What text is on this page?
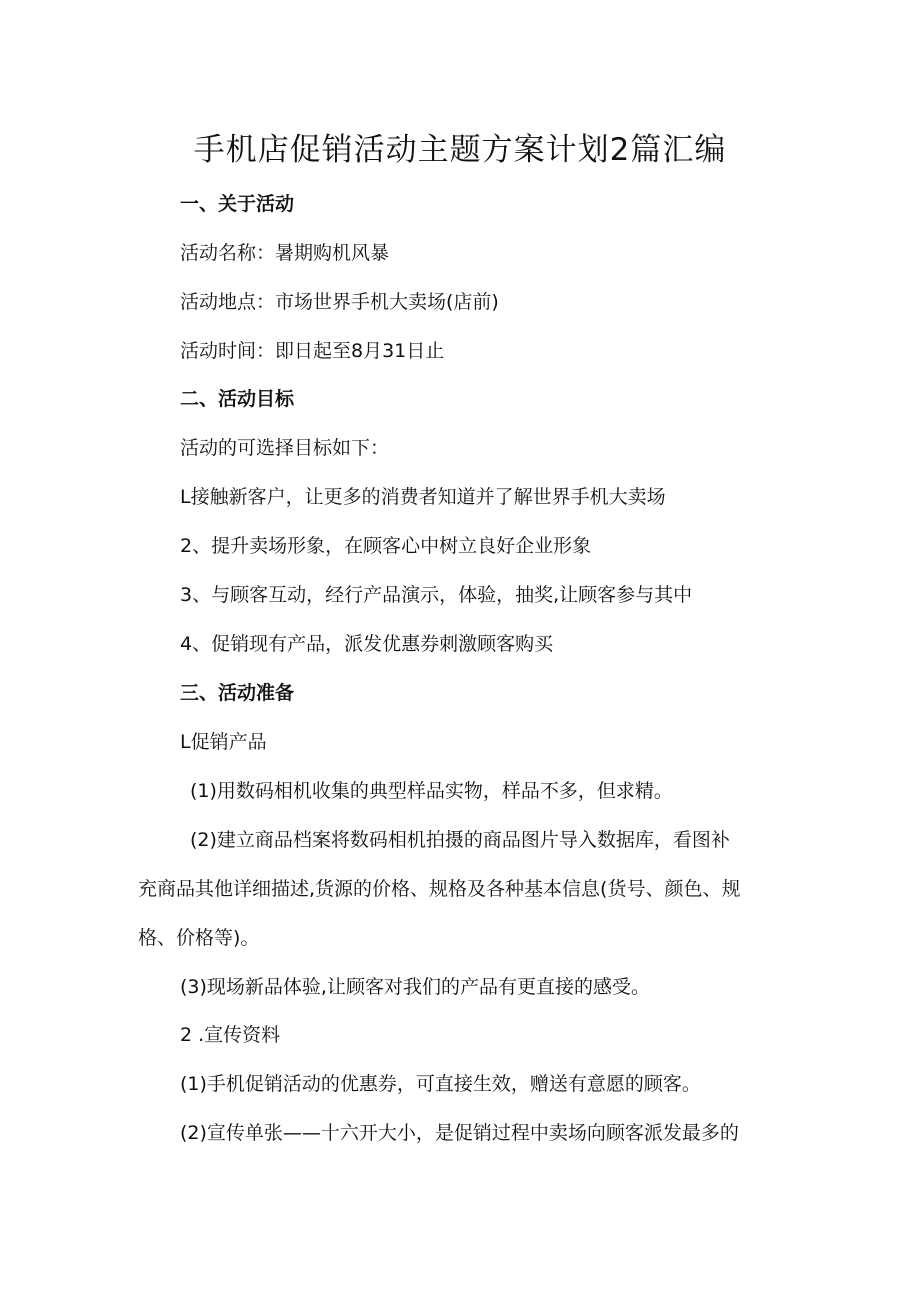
手机店促销活动主题方案计划2篇汇编
一、关于活动
活动名称：暑期购机风暴
活动地点：市场世界手机大卖场(店前)
活动时间：即日起至8月31日止
二、活动目标
活动的可选择目标如下：
L接触新客户，让更多的消费者知道并了解世界手机大卖场
2、提升卖场形象，在顾客心中树立良好企业形象
3、与顾客互动，经行产品演示，体验，抽奖,让顾客参与其中
4、促销现有产品，派发优惠券刺激顾客购买
三、活动准备
L促销产品
(1)用数码相机收集的典型样品实物，样品不多，但求精。
(2)建立商品档案将数码相机拍摄的商品图片导入数据库，看图补
充商品其他详细描述,货源的价格、规格及各种基本信息(货号、颜色、规
格、价格等)。
(3)现场新品体验,让顾客对我们的产品有更直接的感受。
2 .宣传资料
(1)手机促销活动的优惠券，可直接生效，赠送有意愿的顾客。
(2)宣传单张——十六开大小，是促销过程中卖场向顾客派发最多的
